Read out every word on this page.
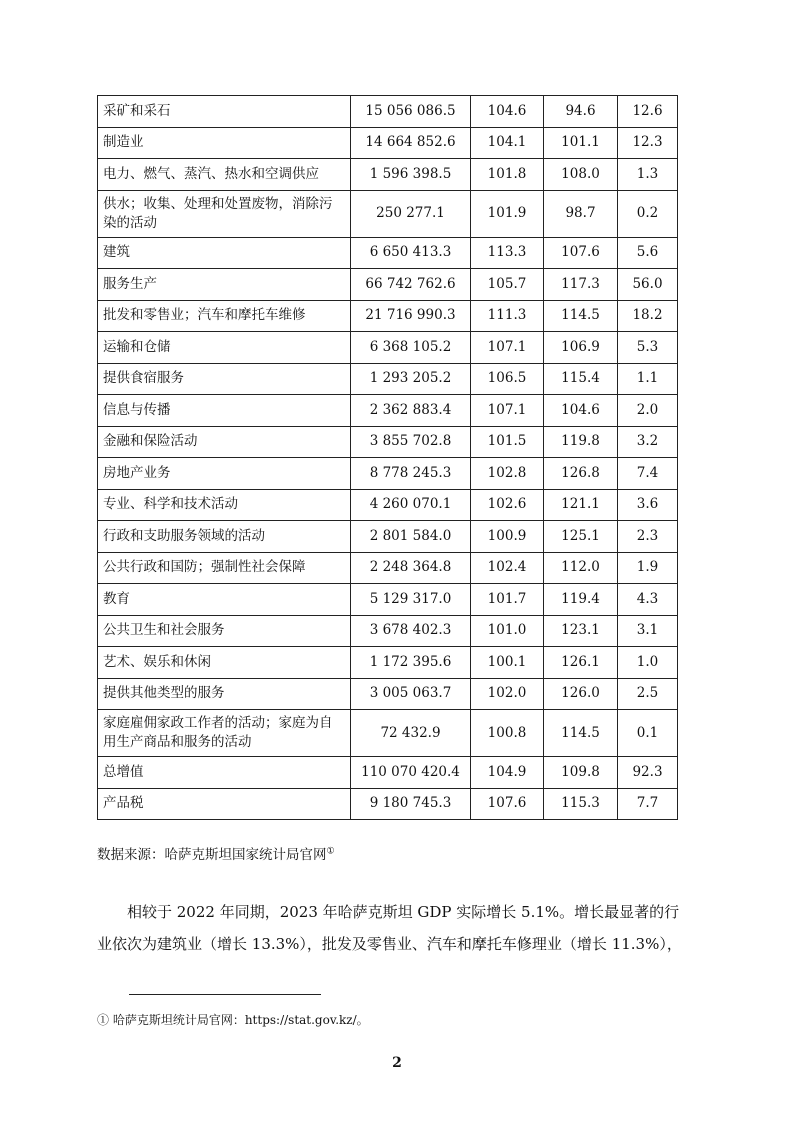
采矿和采石	15 056 086.5	104.6	94.6	12.6
制造业	14 664 852.6	104.1	101.1	12.3
电力、燃气、蒸汽、热水和空调供应	1 596 398.5	101.8	108.0	1.3
供水；收集、处理和处置废物，消除污染的活动	250 277.1	101.9	98.7	0.2
建筑	6 650 413.3	113.3	107.6	5.6
服务生产	66 742 762.6	105.7	117.3	56.0
批发和零售业；汽车和摩托车维修	21 716 990.3	111.3	114.5	18.2
运输和仓储	6 368 105.2	107.1	106.9	5.3
提供食宿服务	1 293 205.2	106.5	115.4	1.1
信息与传播	2 362 883.4	107.1	104.6	2.0
金融和保险活动	3 855 702.8	101.5	119.8	3.2
房地产业务	8 778 245.3	102.8	126.8	7.4
专业、科学和技术活动	4 260 070.1	102.6	121.1	3.6
行政和支助服务领域的活动	2 801 584.0	100.9	125.1	2.3
公共行政和国防；强制性社会保障	2 248 364.8	102.4	112.0	1.9
教育	5 129 317.0	101.7	119.4	4.3
公共卫生和社会服务	3 678 402.3	101.0	123.1	3.1
艺术、娱乐和休闲	1 172 395.6	100.1	126.1	1.0
提供其他类型的服务	3 005 063.7	102.0	126.0	2.5
家庭雇佣家政工作者的活动；家庭为自用生产商品和服务的活动	72 432.9	100.8	114.5	0.1
总增值	110 070 420.4	104.9	109.8	92.3
产品税	9 180 745.3	107.6	115.3	7.7
数据来源：哈萨克斯坦国家统计局官网①

相较于 2022 年同期，2023 年哈萨克斯坦 GDP 实际增长 5.1%。增长最显著的行业依次为建筑业（增长 13.3%），批发及零售业、汽车和摩托车修理业（增长 11.3%），

① 哈萨克斯坦统计局官网：https://stat.gov.kz/。
2
